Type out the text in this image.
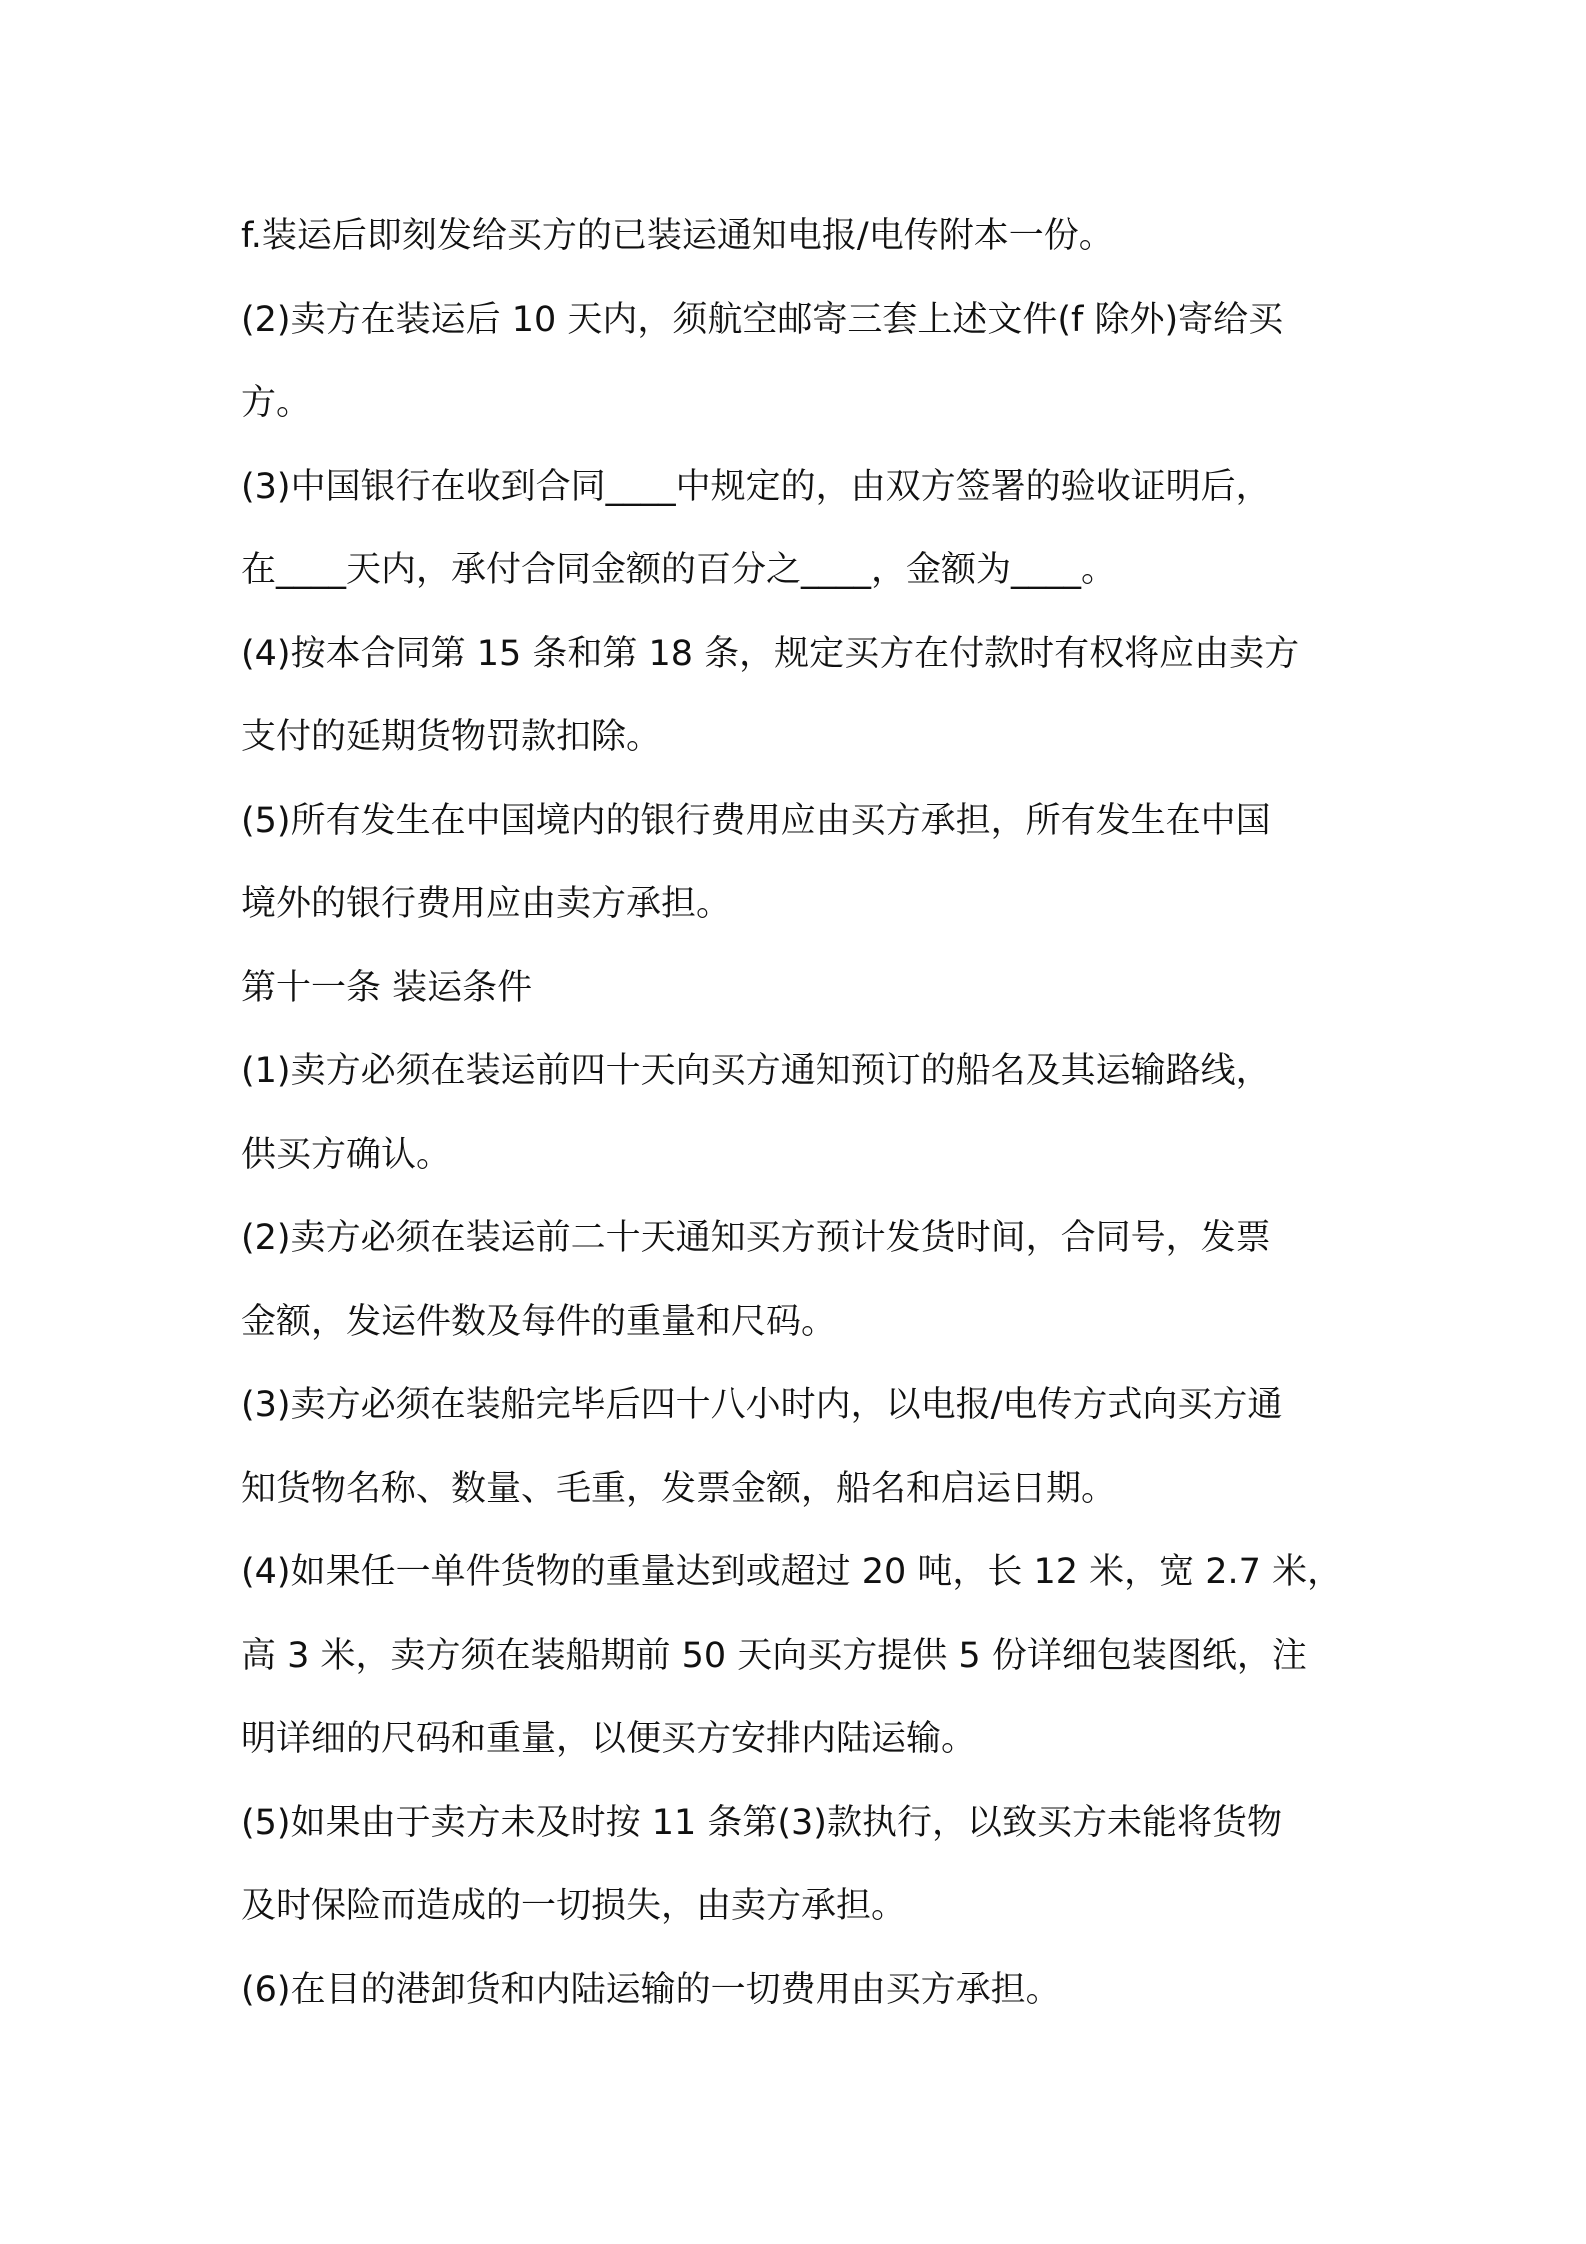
f.装运后即刻发给买方的已装运通知电报/电传附本一份。
(2)卖方在装运后 10 天内，须航空邮寄三套上述文件(f 除外)寄给买
方。
(3)中国银行在收到合同____中规定的，由双方签署的验收证明后，
在____天内，承付合同金额的百分之____，金额为____。
(4)按本合同第 15 条和第 18 条，规定买方在付款时有权将应由卖方
支付的延期货物罚款扣除。
(5)所有发生在中国境内的银行费用应由买方承担，所有发生在中国
境外的银行费用应由卖方承担。
第十一条 装运条件
(1)卖方必须在装运前四十天向买方通知预订的船名及其运输路线，
供买方确认。
(2)卖方必须在装运前二十天通知买方预计发货时间，合同号，发票
金额，发运件数及每件的重量和尺码。
(3)卖方必须在装船完毕后四十八小时内，以电报/电传方式向买方通
知货物名称、数量、毛重，发票金额，船名和启运日期。
(4)如果任一单件货物的重量达到或超过 20 吨，长 12 米，宽 2.7 米，
高 3 米，卖方须在装船期前 50 天向买方提供 5 份详细包装图纸，注
明详细的尺码和重量，以便买方安排内陆运输。
(5)如果由于卖方未及时按 11 条第(3)款执行，以致买方未能将货物
及时保险而造成的一切损失，由卖方承担。
(6)在目的港卸货和内陆运输的一切费用由买方承担。
